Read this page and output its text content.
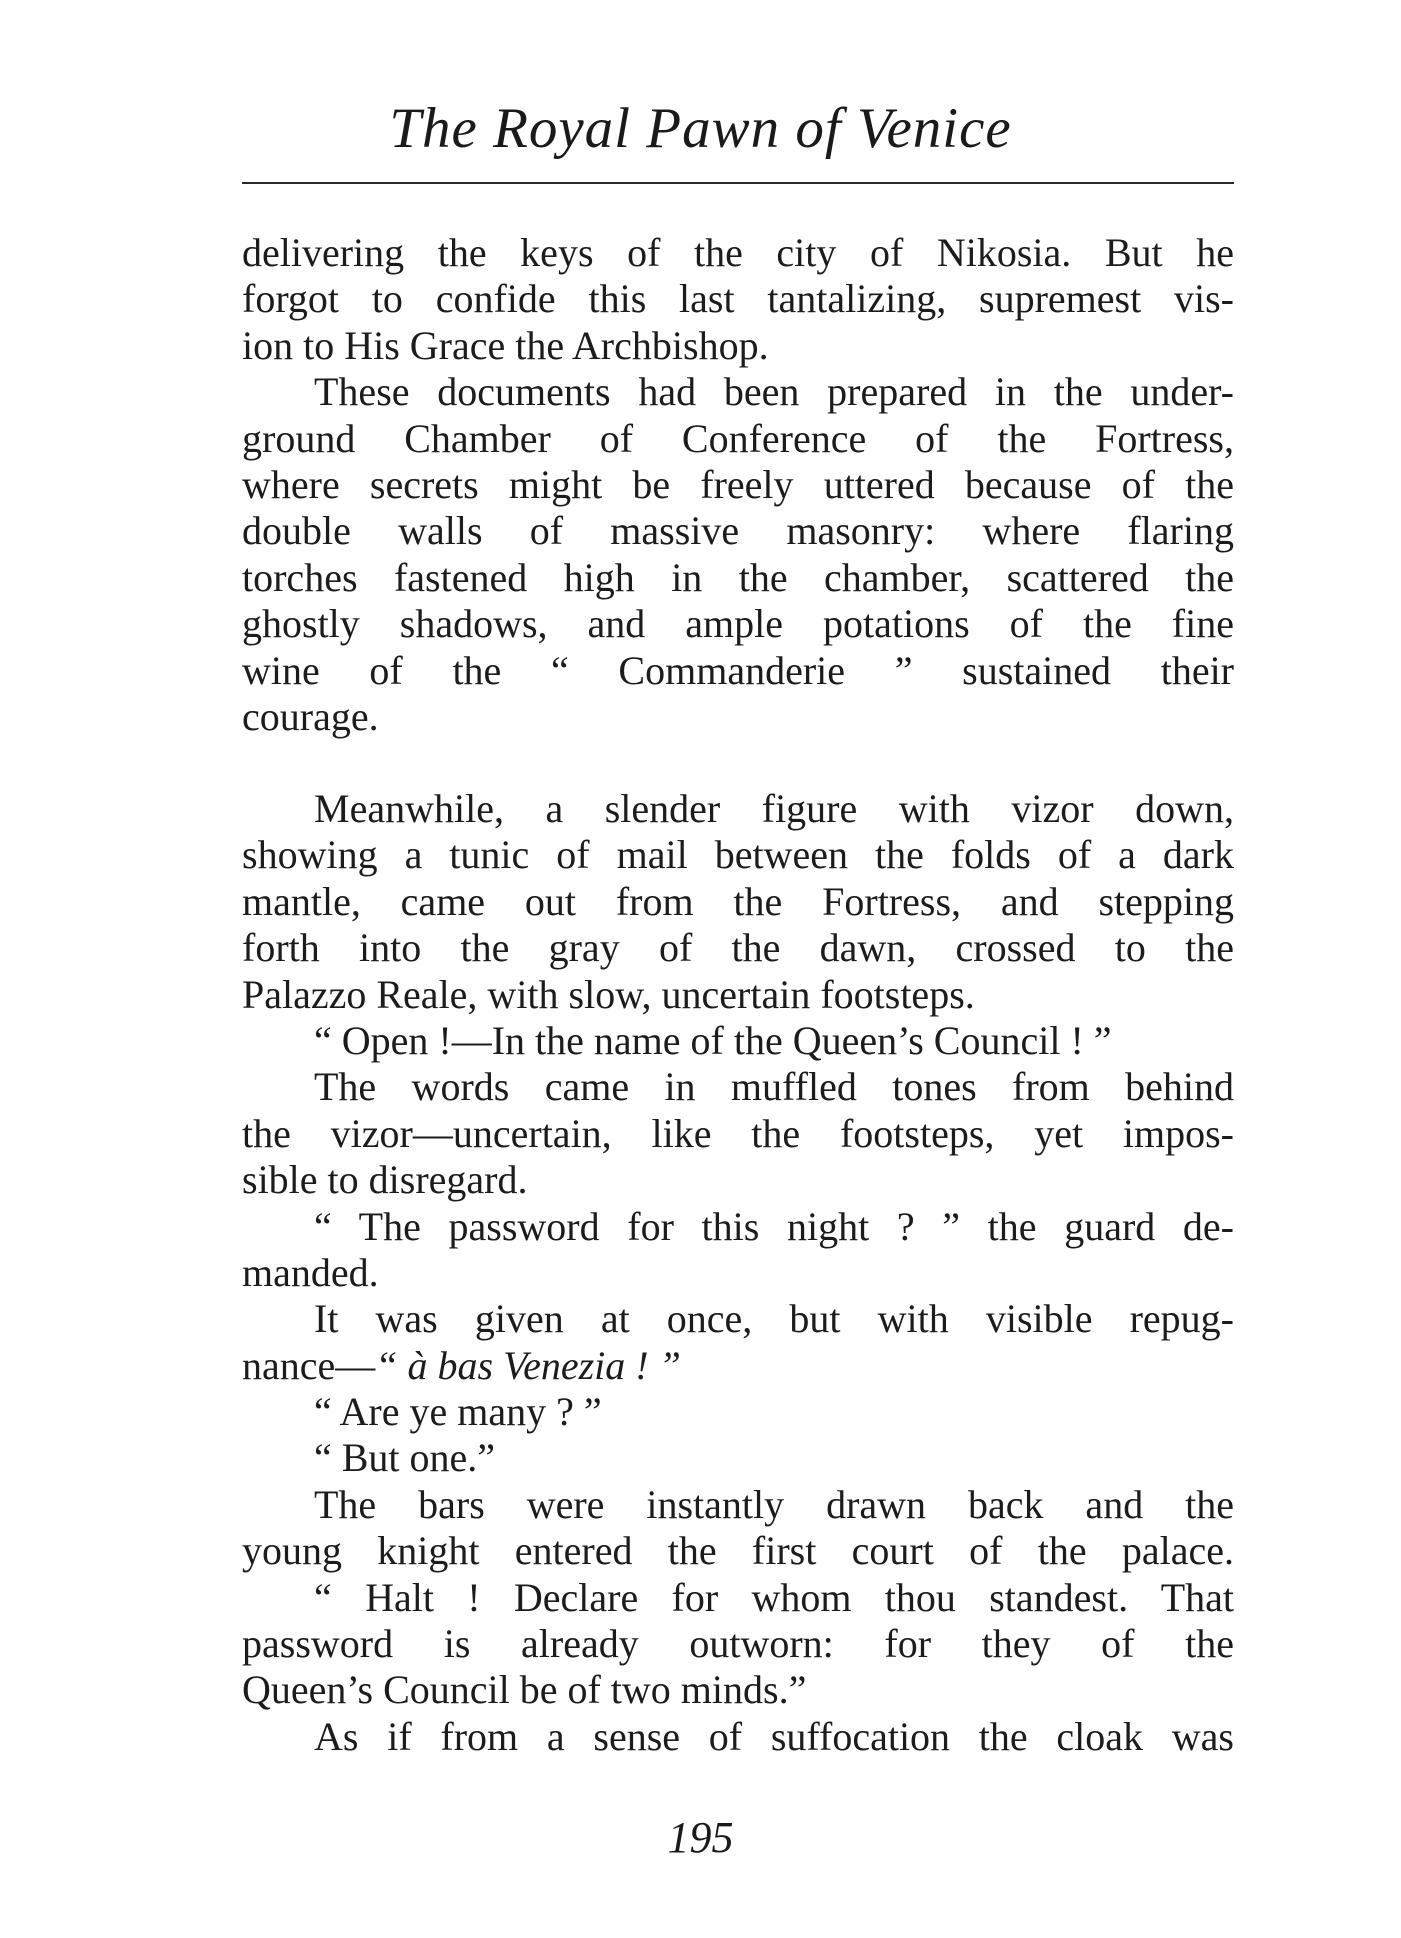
The Royal Pawn of Venice
delivering the keys of the city of Nikosia. But he
forgot to confide this last tantalizing, supremest vis-
ion to His Grace the Archbishop.
These documents had been prepared in the under-
ground Chamber of Conference of the Fortress,
where secrets might be freely uttered because of the
double walls of massive masonry: where flaring
torches fastened high in the chamber, scattered the
ghostly shadows, and ample potations of the fine
wine of the “ Commanderie ” sustained their
courage.
Meanwhile, a slender figure with vizor down,
showing a tunic of mail between the folds of a dark
mantle, came out from the Fortress, and stepping
forth into the gray of the dawn, crossed to the
Palazzo Reale, with slow, uncertain footsteps.
“ Open !—In the name of the Queen’s Council ! ”
The words came in muffled tones from behind
the vizor—uncertain, like the footsteps, yet impos-
sible to disregard.
“ The password for this night ? ” the guard de-
manded.
It was given at once, but with visible repug-
nance—“ à bas Venezia ! ”
“ Are ye many ? ”
“ But one.”
The bars were instantly drawn back and the
young knight entered the first court of the palace.
“ Halt ! Declare for whom thou standest. That
password is already outworn: for they of the
Queen’s Council be of two minds.”
As if from a sense of suffocation the cloak was
195
